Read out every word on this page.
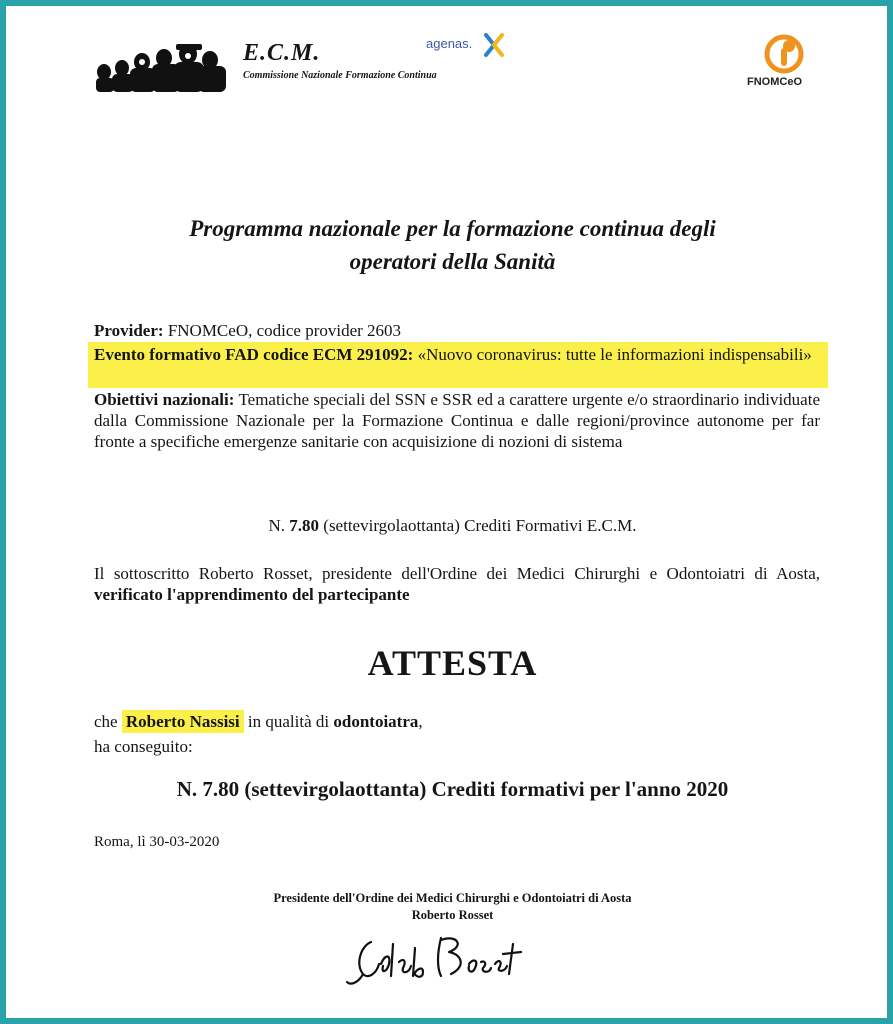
E.C.M.
Commissione Nazionale Formazione Continua
agenas.
FNOMCeO
Programma nazionale per la formazione continua degli
operatori della Sanità
Provider: FNOMCeO, codice provider 2603
Evento formativo FAD codice ECM 291092: «Nuovo coronavirus: tutte le informazioni indispensabili»
Obiettivi nazionali: Tematiche speciali del SSN e SSR ed a carattere urgente e/o straordinario individuate dalla Commissione Nazionale per la Formazione Continua e dalle regioni/province autonome per far fronte a specifiche emergenze sanitarie con acquisizione di nozioni di sistema
N. 7.80 (settevirgolaottanta) Crediti Formativi E.C.M.
Il sottoscritto Roberto Rosset, presidente dell'Ordine dei Medici Chirurghi e Odontoiatri di Aosta, verificato l'apprendimento del partecipante
ATTESTA
che Roberto Nassisi in qualità di odontoiatra,
ha conseguito:
N. 7.80 (settevirgolaottanta) Crediti formativi per l'anno 2020
Roma, lì 30-03-2020
Presidente dell'Ordine dei Medici Chirurghi e Odontoiatri di Aosta
Roberto Rosset
